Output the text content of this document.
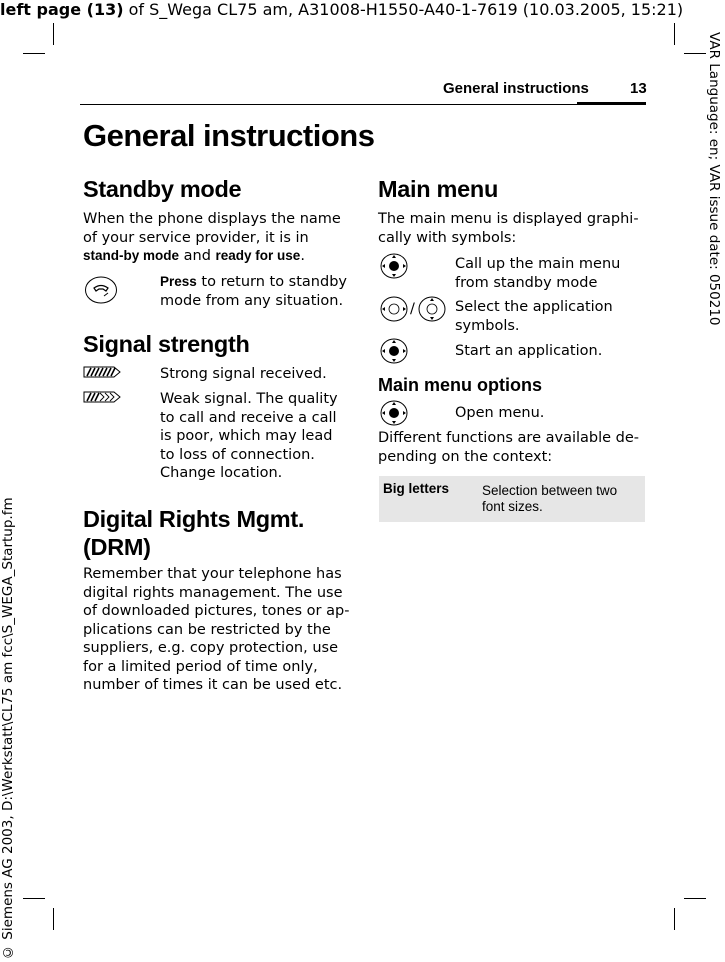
left page (13) of S_Wega CL75 am, A31008-H1550-A40-1-7619 (10.03.2005, 15:21)
VAR Language: en; VAR issue date: 050210
© Siemens AG 2003, D:\Werkstatt\CL75 am fcc\S_WEGA_Startup.fm
General instructions	13
General instructions
Standby mode
When the phone displays the name of your service provider, it is in stand-by mode and ready for use.
Press to return to standby mode from any situation.
Signal strength
Strong signal received.
Weak signal. The quality to call and receive a call is poor, which may lead to loss of connection. Change location.
Digital Rights Mgmt. (DRM)
Remember that your telephone has digital rights management. The use of downloaded pictures, tones or ap-plications can be restricted by the suppliers, e.g. copy protection, use for a limited period of time only, number of times it can be used etc.
Main menu
The main menu is displayed graphi-cally with symbols:
Call up the main menu from standby mode
/	Select the application symbols.
Start an application.
Main menu options
Open menu.
Different functions are available de-pending on the context:
Big letters Selection between two font sizes.
